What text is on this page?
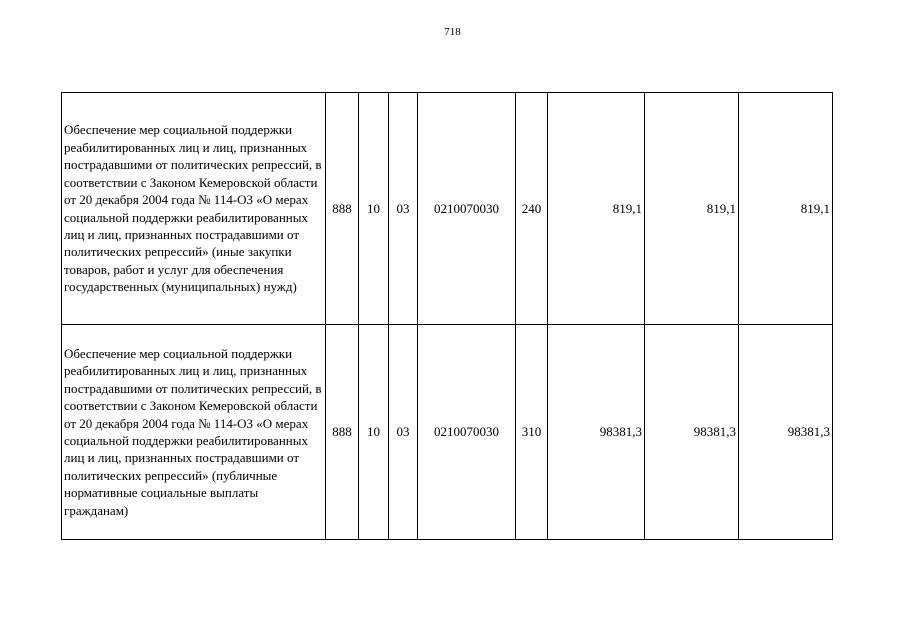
718
Обеспечение мер социальной поддержки реабилитированных лиц и лиц, признанных пострадавшими от политических репрессий, в соответствии с Законом Кемеровской области от 20 декабря 2004 года № 114-ОЗ «О мерах социальной поддержки реабилитированных лиц и лиц, признанных пострадавшими от политических репрессий» (иные закупки товаров, работ и услуг для обеспечения государственных (муниципальных) нужд)	888	10	03	0210070030	240	819,1	819,1	819,1
Обеспечение мер социальной поддержки реабилитированных лиц и лиц, признанных пострадавшими от политических репрессий, в соответствии с Законом Кемеровской области от 20 декабря 2004 года № 114-ОЗ «О мерах социальной поддержки реабилитированных лиц и лиц, признанных пострадавшими от политических репрессий» (публичные нормативные социальные выплаты гражданам)	888	10	03	0210070030	310	98381,3	98381,3	98381,3
